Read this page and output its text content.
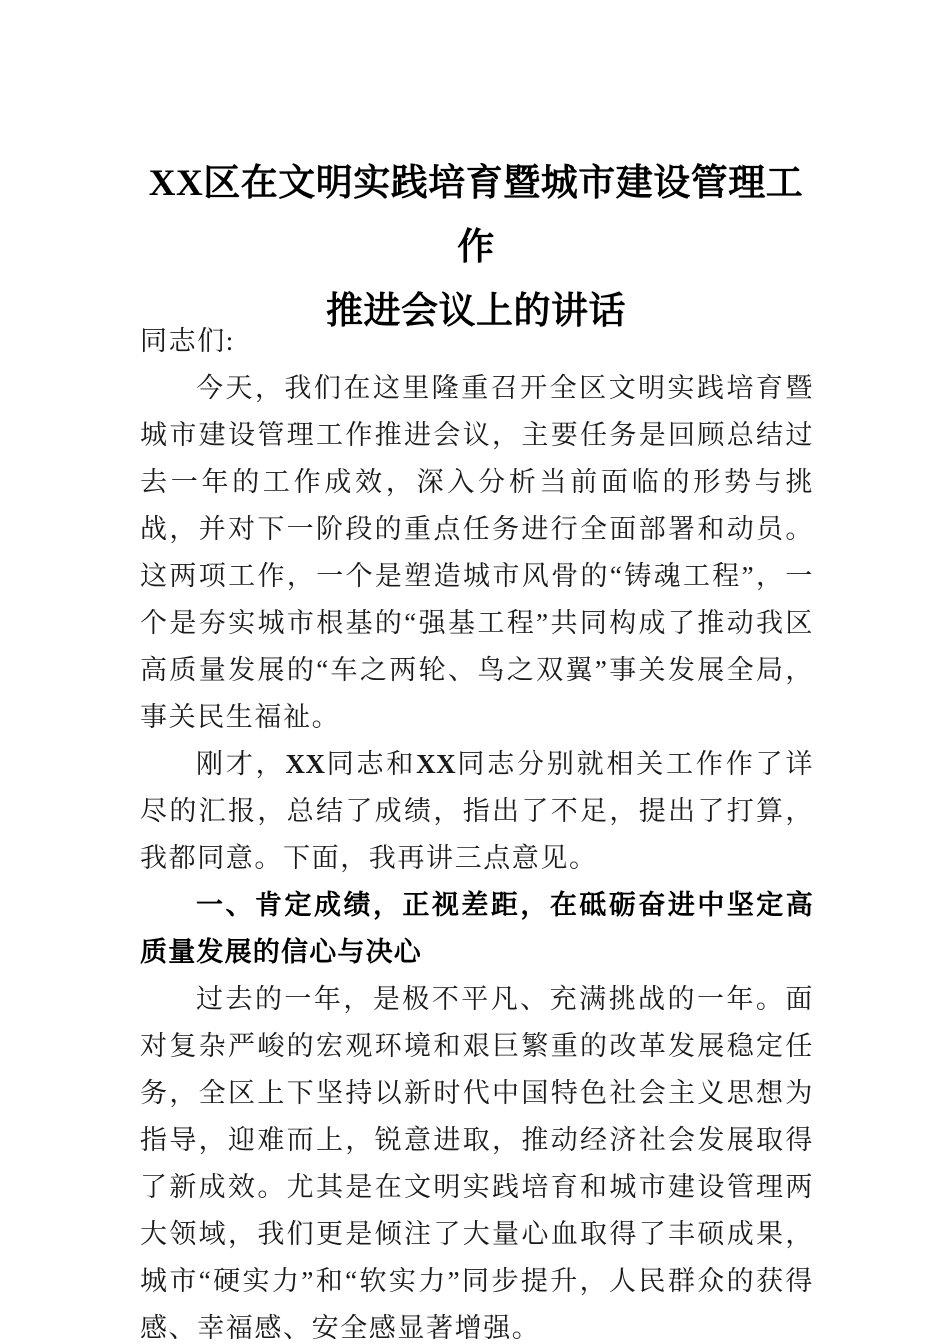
XX区在文明实践培育暨城市建设管理工作
推进会议上的讲话

同志们:

今天，我们在这里隆重召开全区文明实践培育暨城市建设管理工作推进会议，主要任务是回顾总结过去一年的工作成效，深入分析当前面临的形势与挑战，并对下一阶段的重点任务进行全面部署和动员。这两项工作，一个是塑造城市风骨的“铸魂工程”，一个是夯实城市根基的“强基工程”共同构成了推动我区高质量发展的“车之两轮、鸟之双翼”事关发展全局，事关民生福祉。

刚才，XX同志和XX同志分别就相关工作作了详尽的汇报，总结了成绩，指出了不足，提出了打算，我都同意。下面，我再讲三点意见。

一、肯定成绩，正视差距，在砥砺奋进中坚定高质量发展的信心与决心

过去的一年，是极不平凡、充满挑战的一年。面对复杂严峻的宏观环境和艰巨繁重的改革发展稳定任务，全区上下坚持以新时代中国特色社会主义思想为指导，迎难而上，锐意进取，推动经济社会发展取得了新成效。尤其是在文明实践培育和城市建设管理两大领域，我们更是倾注了大量心血取得了丰硕成果，城市“硬实力”和“软实力”同步提升，人民群众的获得感、幸福感、安全感显著增强。
